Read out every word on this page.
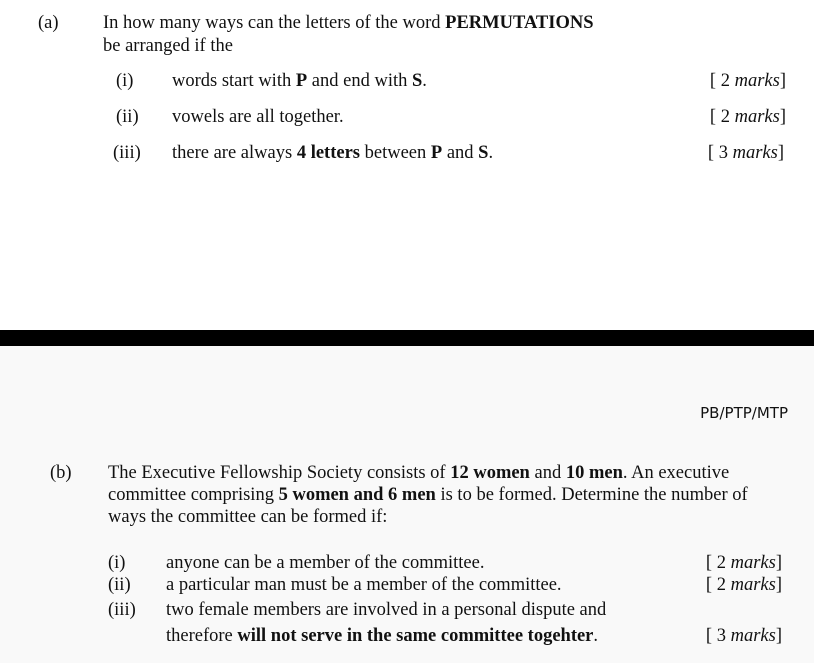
(a) In how many ways can the letters of the word PERMUTATIONS
be arranged if the
(i) words start with P and end with S.	[ 2 marks]
(ii) vowels are all together.	[ 2 marks]
(iii) there are always 4 letters between P and S.	[ 3 marks]
PB/PTP/MTP
(b) The Executive Fellowship Society consists of 12 women and 10 men. An executive
committee comprising 5 women and 6 men is to be formed. Determine the number of
ways the committee can be formed if:
(i) anyone can be a member of the committee.	[ 2 marks]
(ii) a particular man must be a member of the committee.	[ 2 marks]
(iii) two female members are involved in a personal dispute and
therefore will not serve in the same committee togehter.	[ 3 marks]
